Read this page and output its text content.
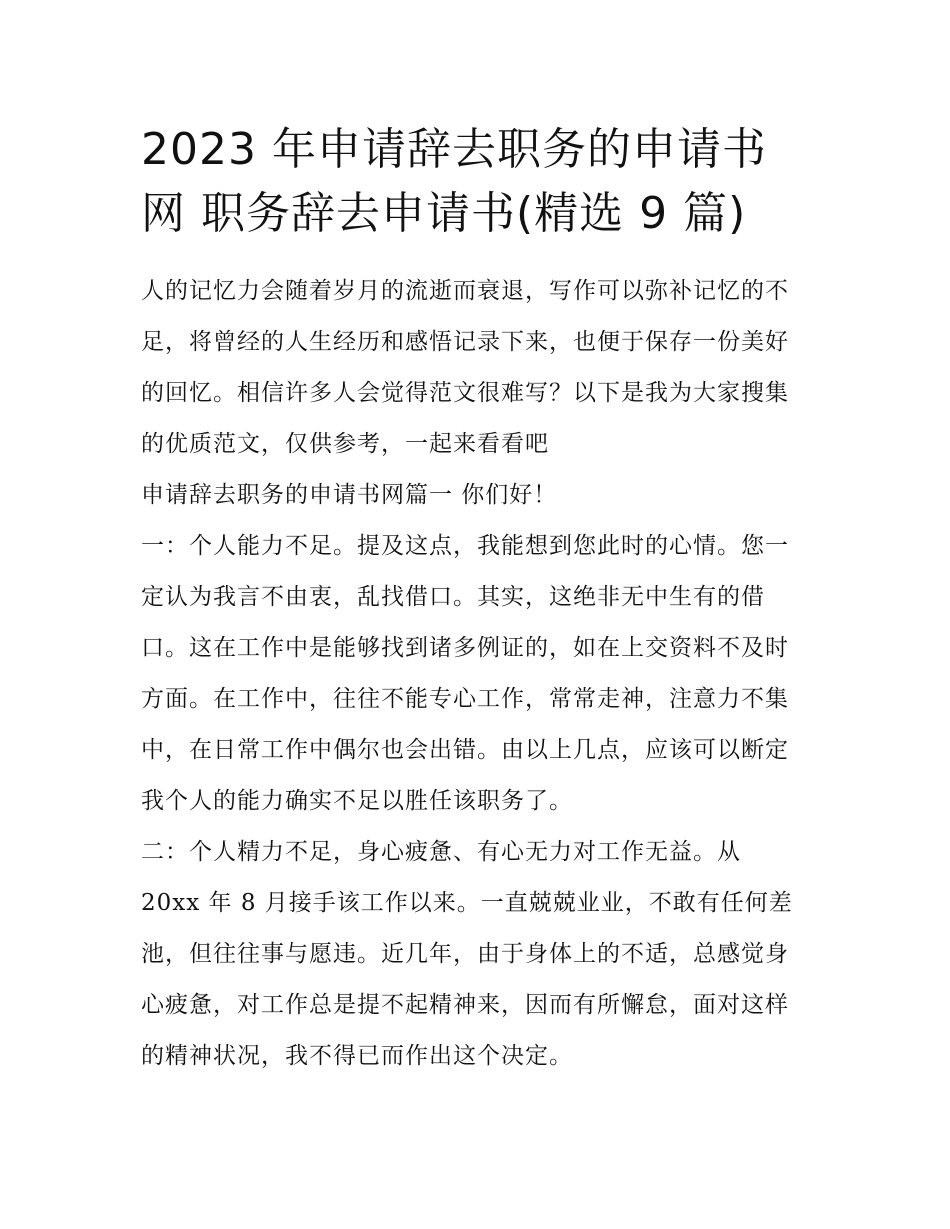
2023 年申请辞去职务的申请书
网 职务辞去申请书(精选 9 篇)

人的记忆力会随着岁月的流逝而衰退，写作可以弥补记忆的不
足，将曾经的人生经历和感悟记录下来，也便于保存一份美好
的回忆。相信许多人会觉得范文很难写？以下是我为大家搜集
的优质范文，仅供参考，一起来看看吧

申请辞去职务的申请书网篇一 你们好！

一：个人能力不足。提及这点，我能想到您此时的心情。您一
定认为我言不由衷，乱找借口。其实，这绝非无中生有的借
口。这在工作中是能够找到诸多例证的，如在上交资料不及时
方面。在工作中，往往不能专心工作，常常走神，注意力不集
中，在日常工作中偶尔也会出错。由以上几点，应该可以断定
我个人的能力确实不足以胜任该职务了。

二：个人精力不足，身心疲惫、有心无力对工作无益。从
20xx 年 8 月接手该工作以来。一直兢兢业业，不敢有任何差
池，但往往事与愿违。近几年，由于身体上的不适，总感觉身
心疲惫，对工作总是提不起精神来，因而有所懈怠，面对这样
的精神状况，我不得已而作出这个决定。
